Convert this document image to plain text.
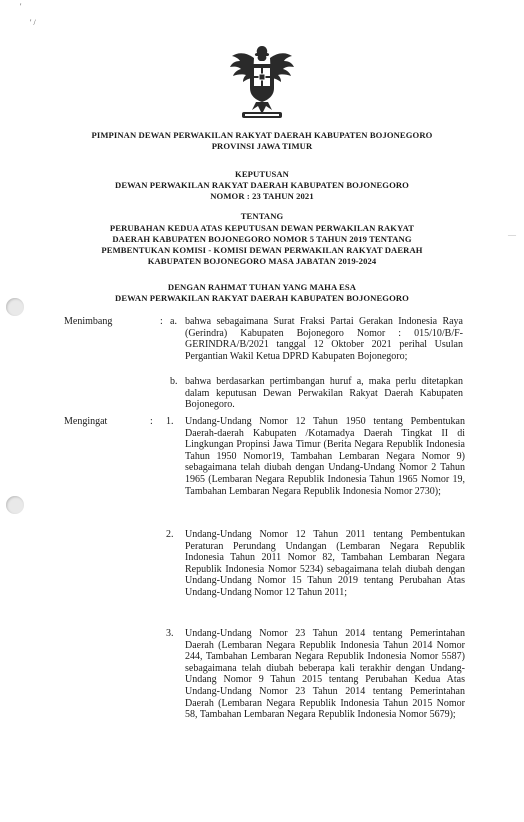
'
' /
PIMPINAN DEWAN PERWAKILAN RAKYAT DAERAH KABUPATEN BOJONEGORO
PROVINSI JAWA TIMUR
KEPUTUSAN
DEWAN PERWAKILAN RAKYAT DAERAH KABUPATEN BOJONEGORO
NOMOR : 23 TAHUN 2021
TENTANG
PERUBAHAN KEDUA ATAS KEPUTUSAN DEWAN PERWAKILAN RAKYAT
DAERAH KABUPATEN BOJONEGORO NOMOR 5 TAHUN 2019 TENTANG
PEMBENTUKAN KOMISI - KOMISI DEWAN PERWAKILAN RAKYAT DAERAH
KABUPATEN BOJONEGORO MASA JABATAN 2019-2024
DENGAN RAHMAT TUHAN YANG MAHA ESA
DEWAN PERWAKILAN RAKYAT DAERAH KABUPATEN BOJONEGORO
Menimbang	: a. bahwa sebagaimana Surat Fraksi Partai Gerakan Indonesia Raya (Gerindra) Kabupaten Bojonegoro Nomor : 015/10/B/F-GERINDRA/B/2021 tanggal 12 Oktober 2021 perihal Usulan Pergantian Wakil Ketua DPRD Kabupaten Bojonegoro;
b. bahwa berdasarkan pertimbangan huruf a, maka perlu ditetapkan dalam keputusan Dewan Perwakilan Rakyat Daerah Kabupaten Bojonegoro.
Mengingat	: 1. Undang-Undang Nomor 12 Tahun 1950 tentang Pembentukan Daerah-daerah Kabupaten /Kotamadya Daerah Tingkat II di Lingkungan Propinsi Jawa Timur (Berita Negara Republik Indonesia Tahun 1950 Nomor19, Tambahan Lembaran Negara Nomor 9) sebagaimana telah diubah dengan Undang-Undang Nomor 2 Tahun 1965 (Lembaran Negara Republik Indonesia Tahun 1965 Nomor 19, Tambahan Lembaran Negara Republik Indonesia Nomor 2730);
2. Undang-Undang Nomor 12 Tahun 2011 tentang Pembentukan Peraturan Perundang Undangan (Lembaran Negara Republik Indonesia Tahun 2011 Nomor 82, Tambahan Lembaran Negara Republik Indonesia Nomor 5234) sebagaimana telah diubah dengan Undang-Undang Nomor 15 Tahun 2019 tentang Perubahan Atas Undang-Undang Nomor 12 Tahun 2011;
3. Undang-Undang Nomor 23 Tahun 2014 tentang Pemerintahan Daerah (Lembaran Negara Republik Indonesia Tahun 2014 Nomor 244, Tambahan Lembaran Negara Republik Indonesia Nomor 5587) sebagaimana telah diubah beberapa kali terakhir dengan Undang-Undang Nomor 9 Tahun 2015 tentang Perubahan Kedua Atas Undang-Undang Nomor 23 Tahun 2014 tentang Pemerintahan Daerah (Lembaran Negara Republik Indonesia Tahun 2015 Nomor 58, Tambahan Lembaran Negara Republik Indonesia Nomor 5679);
—
